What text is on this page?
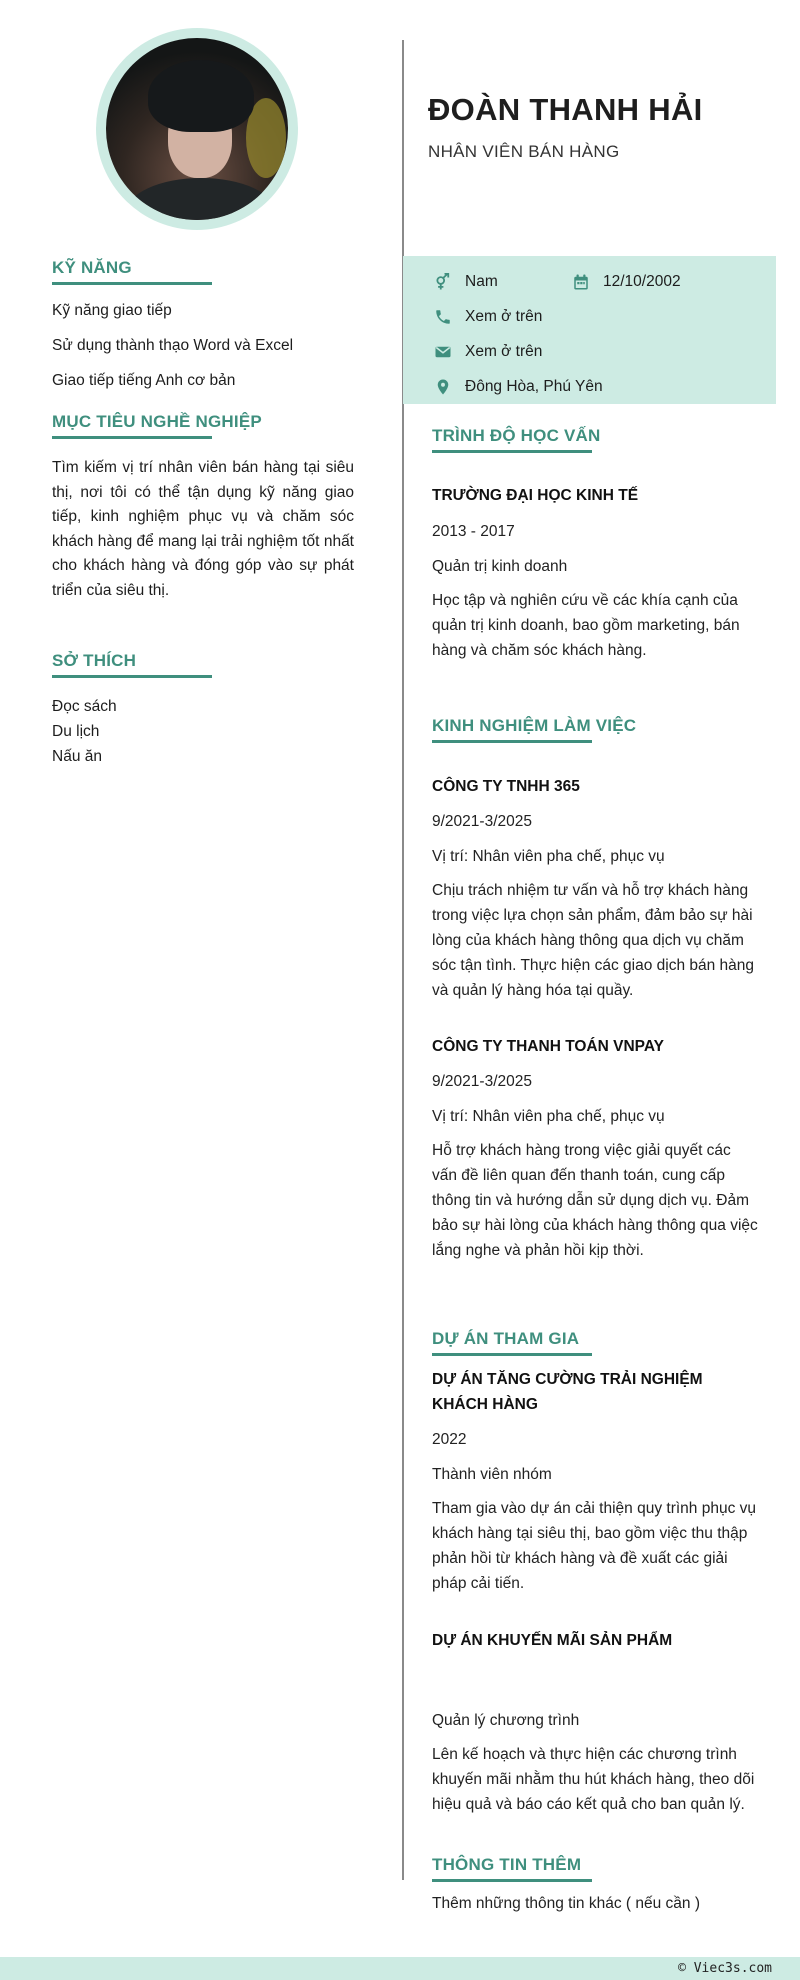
KỸ NĂNG
Kỹ năng giao tiếp
Sử dụng thành thạo Word và Excel
Giao tiếp tiếng Anh cơ bản
MỤC TIÊU NGHỀ NGHIỆP

Tìm kiếm vị trí nhân viên bán hàng tại siêu thị, nơi tôi có thể tận dụng kỹ năng giao tiếp, kinh nghiệm phục vụ và chăm sóc khách hàng để mang lại trải nghiệm tốt nhất cho khách hàng và đóng góp vào sự phát triển của siêu thị.

SỞ THÍCH
Đọc sách
Du lịch
Nấu ăn
ĐOÀN THANH HẢI
NHÂN VIÊN BÁN HÀNG
Nam	12/10/2002
Xem ở trên
Xem ở trên
Đông Hòa, Phú Yên
TRÌNH ĐỘ HỌC VẤN
TRƯỜNG ĐẠI HỌC KINH TẾ
2013 - 2017
Quản trị kinh doanh
Học tập và nghiên cứu về các khía cạnh của quản trị kinh doanh, bao gồm marketing, bán hàng và chăm sóc khách hàng.
KINH NGHIỆM LÀM VIỆC
CÔNG TY TNHH 365
9/2021-3/2025
Vị trí: Nhân viên pha chế, phục vụ
Chịu trách nhiệm tư vấn và hỗ trợ khách hàng trong việc lựa chọn sản phẩm, đảm bảo sự hài lòng của khách hàng thông qua dịch vụ chăm sóc tận tình. Thực hiện các giao dịch bán hàng và quản lý hàng hóa tại quầy.
CÔNG TY THANH TOÁN VNPAY
9/2021-3/2025
Vị trí: Nhân viên pha chế, phục vụ
Hỗ trợ khách hàng trong việc giải quyết các vấn đề liên quan đến thanh toán, cung cấp thông tin và hướng dẫn sử dụng dịch vụ. Đảm bảo sự hài lòng của khách hàng thông qua việc lắng nghe và phản hồi kịp thời.
DỰ ÁN THAM GIA
DỰ ÁN TĂNG CƯỜNG TRẢI NGHIỆM KHÁCH HÀNG
2022
Thành viên nhóm
Tham gia vào dự án cải thiện quy trình phục vụ khách hàng tại siêu thị, bao gồm việc thu thập phản hồi từ khách hàng và đề xuất các giải pháp cải tiến.
DỰ ÁN KHUYẾN MÃI SẢN PHẨM
Quản lý chương trình
Lên kế hoạch và thực hiện các chương trình khuyến mãi nhằm thu hút khách hàng, theo dõi hiệu quả và báo cáo kết quả cho ban quản lý.
THÔNG TIN THÊM
Thêm những thông tin khác ( nếu cần )
© Viec3s.com
